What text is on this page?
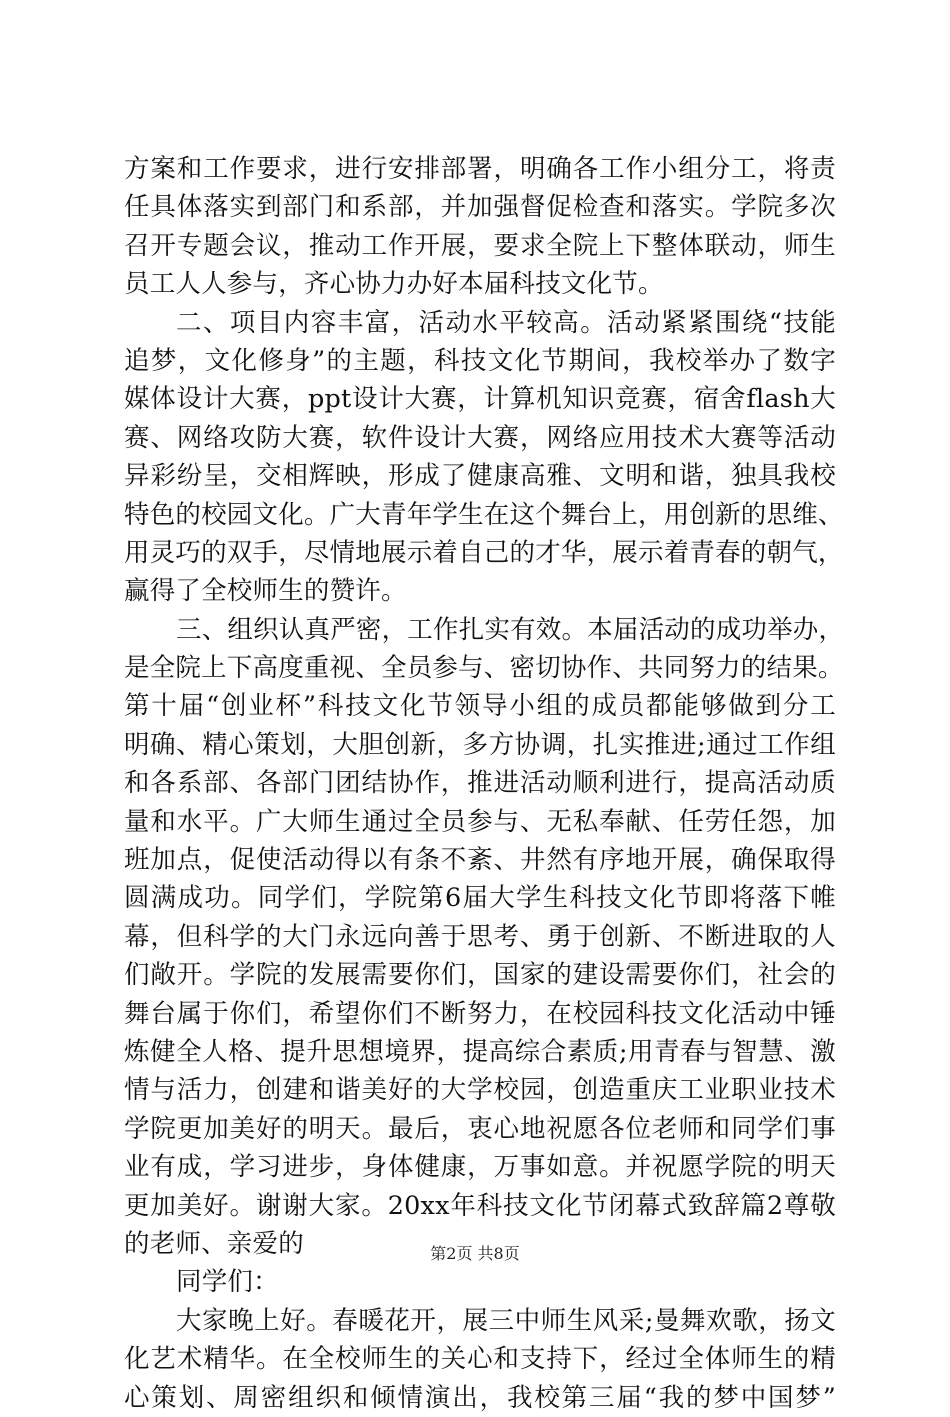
方案和工作要求，进行安排部署，明确各工作小组分工，将责
任具体落实到部门和系部，并加强督促检查和落实。学院多次
召开专题会议，推动工作开展，要求全院上下整体联动，师生
员工人人参与，齐心协力办好本届科技文化节。
二、项目内容丰富，活动水平较高。活动紧紧围绕“技能
追梦，文化修身”的主题，科技文化节期间，我校举办了数字
媒体设计大赛，ppt设计大赛，计算机知识竞赛，宿舍flash大
赛、网络攻防大赛，软件设计大赛，网络应用技术大赛等活动
异彩纷呈，交相辉映，形成了健康高雅、文明和谐，独具我校
特色的校园文化。广大青年学生在这个舞台上，用创新的思维、
用灵巧的双手，尽情地展示着自己的才华，展示着青春的朝气，
赢得了全校师生的赞许。
三、组织认真严密，工作扎实有效。本届活动的成功举办，
是全院上下高度重视、全员参与、密切协作、共同努力的结果。
第十届“创业杯”科技文化节领导小组的成员都能够做到分工
明确、精心策划，大胆创新，多方协调，扎实推进;通过工作组
和各系部、各部门团结协作，推进活动顺利进行，提高活动质
量和水平。广大师生通过全员参与、无私奉献、任劳任怨，加
班加点，促使活动得以有条不紊、井然有序地开展，确保取得
圆满成功。同学们，学院第6届大学生科技文化节即将落下帷
幕，但科学的大门永远向善于思考、勇于创新、不断进取的人
们敞开。学院的发展需要你们，国家的建设需要你们，社会的
舞台属于你们，希望你们不断努力，在校园科技文化活动中锤
炼健全人格、提升思想境界，提高综合素质;用青春与智慧、激
情与活力，创建和谐美好的大学校园，创造重庆工业职业技术
学院更加美好的明天。最后，衷心地祝愿各位老师和同学们事
业有成，学习进步，身体健康，万事如意。并祝愿学院的明天
更加美好。谢谢大家。20xx年科技文化节闭幕式致辞篇2尊敬
的老师、亲爱的
同学们：
大家晚上好。春暖花开，展三中师生风采;曼舞欢歌，扬文
化艺术精华。在全校师生的关心和支持下，经过全体师生的精
心策划、周密组织和倾情演出，我校第三届“我的梦中国梦”
第2页 共8页
